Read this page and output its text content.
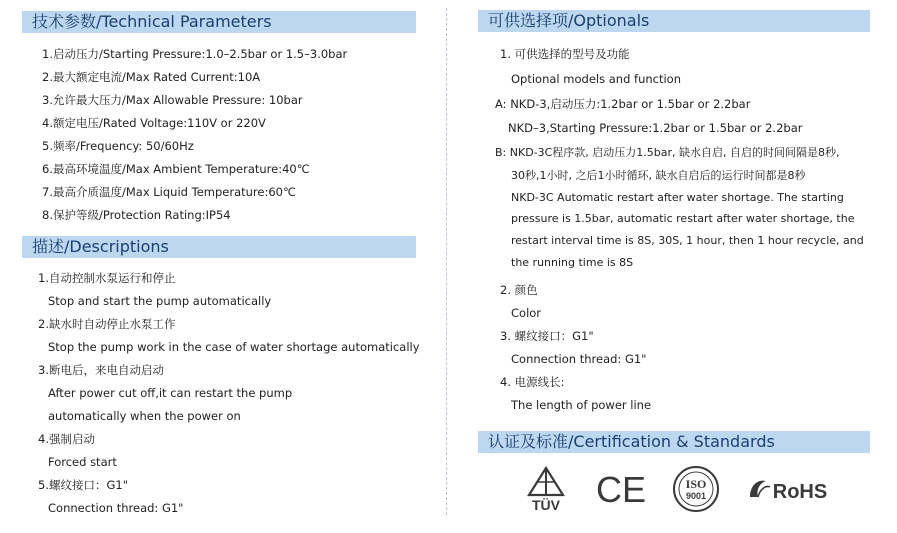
技术参数/Technical Parameters
1.启动压力/Starting Pressure:1.0–2.5bar or 1.5–3.0bar
2.最大额定电流/Max Rated Current:10A
3.允许最大压力/Max Allowable Pressure: 10bar
4.额定电压/Rated Voltage:110V or 220V
5.频率/Frequency: 50/60Hz
6.最高环境温度/Max Ambient Temperature:40℃
7.最高介质温度/Max Liquid Temperature:60℃
8.保护等级/Protection Rating:IP54
描述/Descriptions
1.自动控制水泵运行和停止
Stop and start the pump automatically
2.缺水时自动停止水泵工作
Stop the pump work in the case of water shortage automatically
3.断电后，来电自动启动
After power cut off,it can restart the pump
automatically when the power on
4.强制启动
Forced start
5.螺纹接口：G1"
Connection thread: G1"
可供选择项/Optionals
1. 可供选择的型号及功能
Optional models and function
A: NKD-3,启动压力:1.2bar or 1.5bar or 2.2bar
NKD–3,Starting Pressure:1.2bar or 1.5bar or 2.2bar
B: NKD-3C程序款, 启动压力1.5bar, 缺水自启, 自启的时间间隔是8秒,
30秒,1小时, 之后1小时循环, 缺水自启后的运行时间都是8秒
NKD-3C Automatic restart after water shortage. The starting
pressure is 1.5bar, automatic restart after water shortage, the
restart interval time is 8S, 30S, 1 hour, then 1 hour recycle, and
the running time is 8S
2. 颜色
Color
3. 螺纹接口：G1"
Connection thread: G1"
4. 电源线长:
The length of power line
认证及标准/Certification & Standards
TÜV CE	ISO
9001	RoHS
